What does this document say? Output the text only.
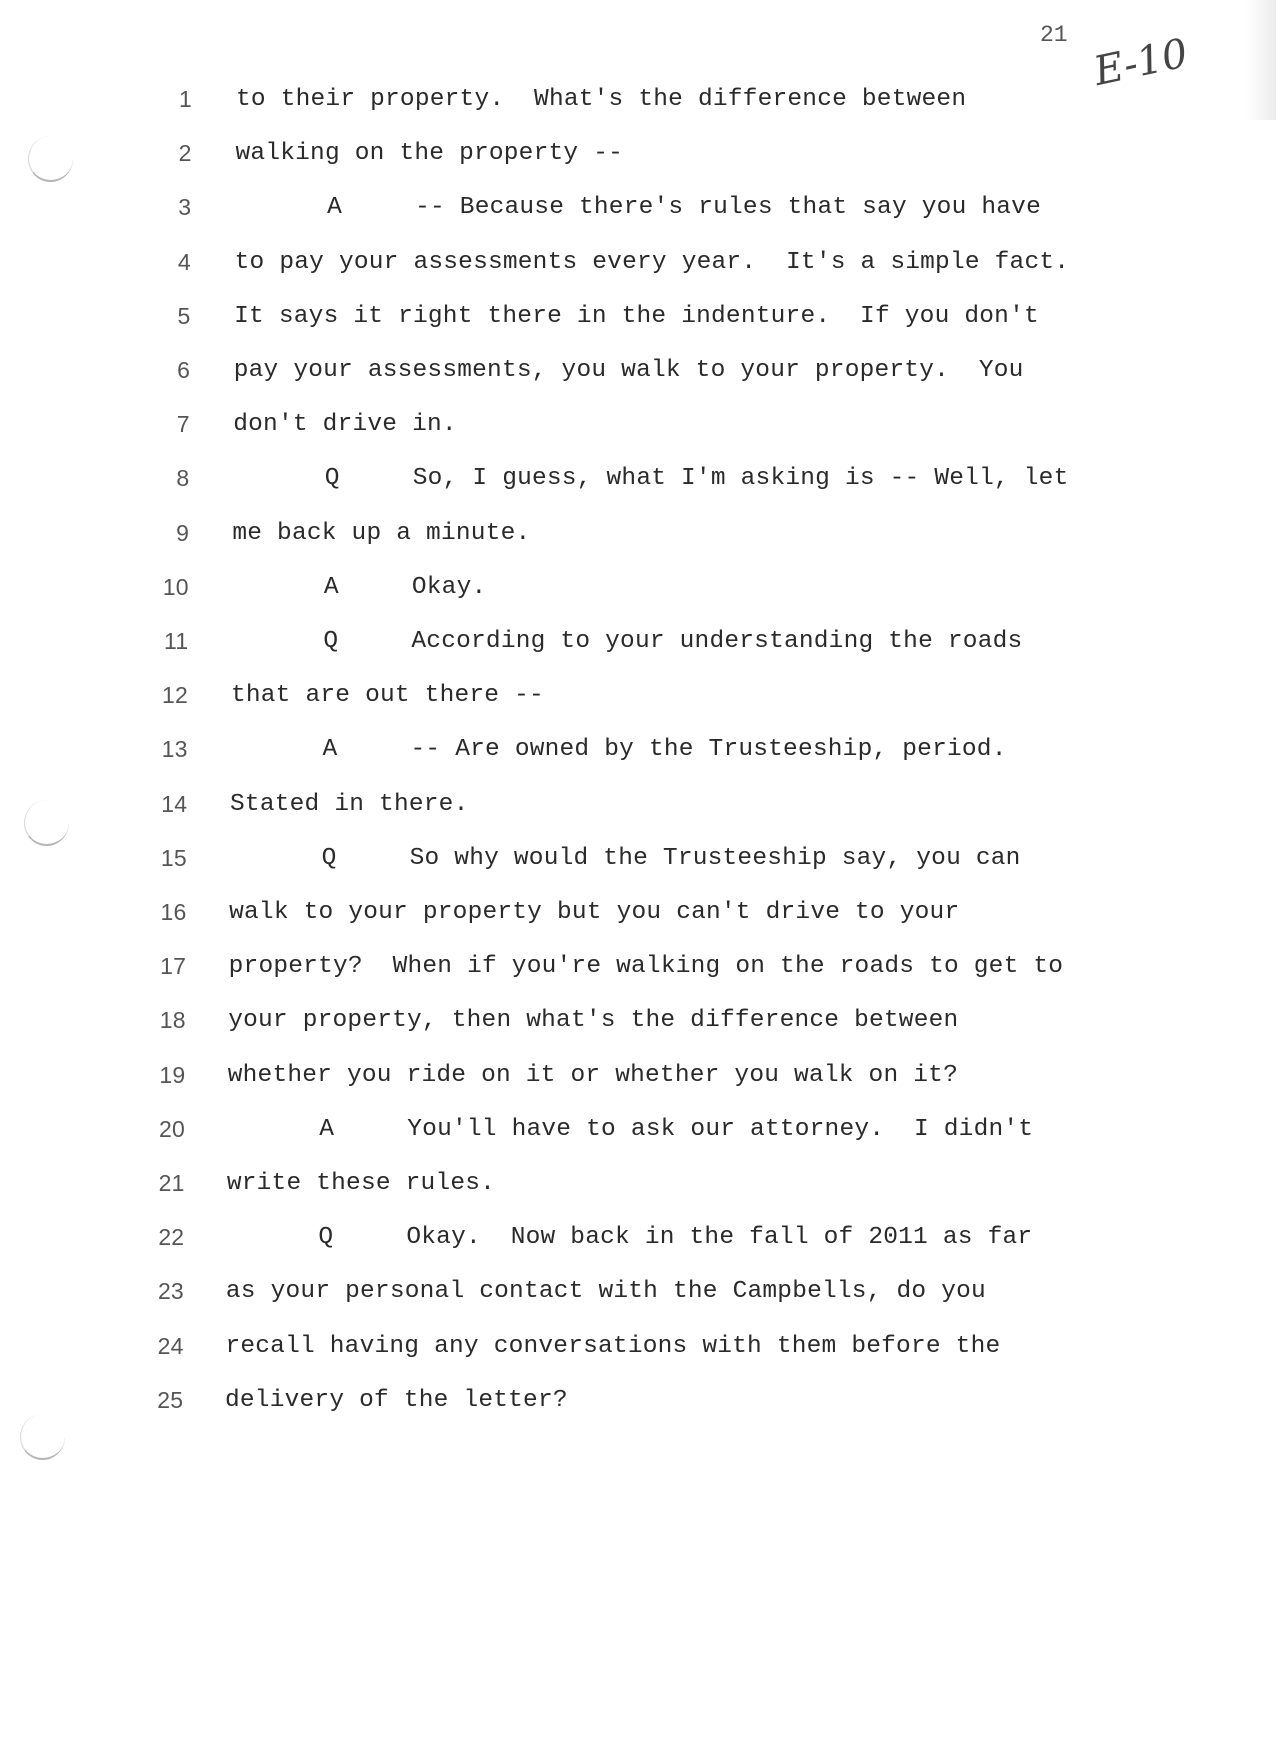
21 E-10
1 to their property.  What's the difference between
2 walking on the property --
3	A	-- Because there's rules that say you have
4 to pay your assessments every year.  It's a simple fact.
5 It says it right there in the indenture.  If you don't
6 pay your assessments, you walk to your property.  You
7 don't drive in.
8	Q	So, I guess, what I'm asking is -- Well, let
9 me back up a minute.
10	A	Okay.
11	Q	According to your understanding the roads
12 that are out there --
13	A	-- Are owned by the Trusteeship, period.
14 Stated in there.
15	Q	So why would the Trusteeship say, you can
16 walk to your property but you can't drive to your
17 property?  When if you're walking on the roads to get to
18 your property, then what's the difference between
19 whether you ride on it or whether you walk on it?
20	A	You'll have to ask our attorney.  I didn't
21 write these rules.
22	Q	Okay.  Now back in the fall of 2011 as far
23 as your personal contact with the Campbells, do you
24 recall having any conversations with them before the
25 delivery of the letter?
